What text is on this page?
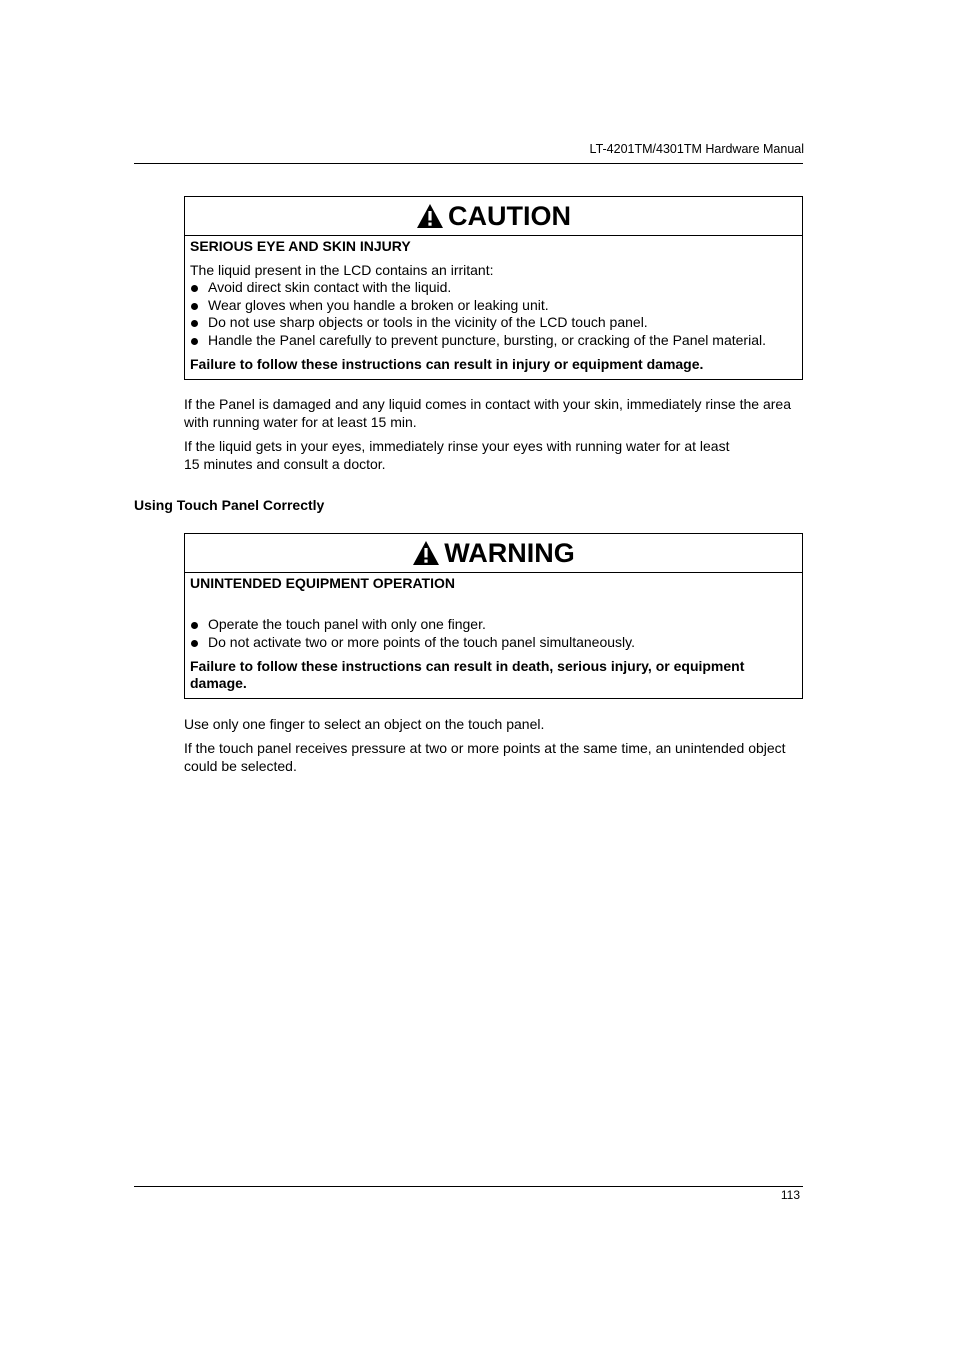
LT-4201TM/4301TM Hardware Manual
CAUTION
SERIOUS EYE AND SKIN INJURY
The liquid present in the LCD contains an irritant:
Avoid direct skin contact with the liquid.
Wear gloves when you handle a broken or leaking unit.
Do not use sharp objects or tools in the vicinity of the LCD touch panel.
Handle the Panel carefully to prevent puncture, bursting, or cracking of the Panel material.
Failure to follow these instructions can result in injury or equipment damage.
If the Panel is damaged and any liquid comes in contact with your skin, immediately rinse the area
with running water for at least 15 min.
If the liquid gets in your eyes, immediately rinse your eyes with running water for at least
15 minutes and consult a doctor.
Using Touch Panel Correctly
WARNING
UNINTENDED EQUIPMENT OPERATION
Operate the touch panel with only one finger.
Do not activate two or more points of the touch panel simultaneously.
Failure to follow these instructions can result in death, serious injury, or equipment
damage.
Use only one finger to select an object on the touch panel.
If the touch panel receives pressure at two or more points at the same time, an unintended object
could be selected.
113
